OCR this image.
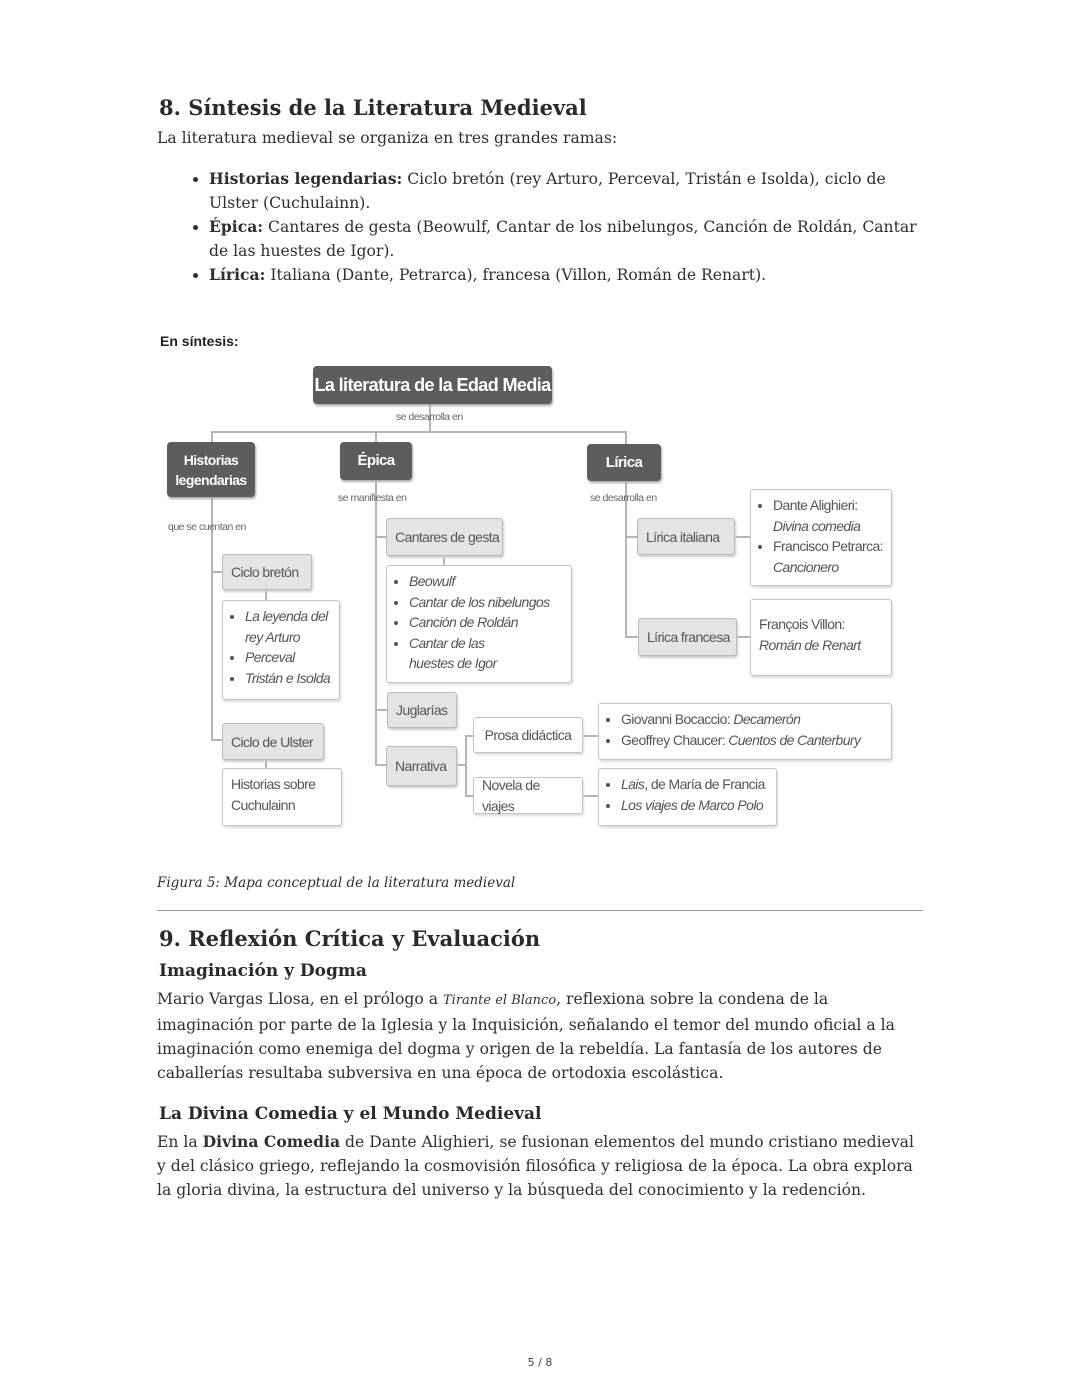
8. Síntesis de la Literatura Medieval

La literatura medieval se organiza en tres grandes ramas:

• Historias legendarias: Ciclo bretón (rey Arturo, Perceval, Tristán e Isolda), ciclo de Ulster (Cuchulainn).
• Épica: Cantares de gesta (Beowulf, Cantar de los nibelungos, Canción de Roldán, Cantar de las huestes de Igor).
• Lírica: Italiana (Dante, Petrarca), francesa (Villon, Román de Renart).
En síntesis:
La literatura de la Edad Media
se desarrolla en
Historias legendarias
que se cuentan en
Ciclo bretón
• La leyenda del rey Arturo
• Perceval
• Tristán e Isolda
Ciclo de Ulster
Historias sobre Cuchulainn
Épica
se manifiesta en
Cantares de gesta
• Beowulf
• Cantar de los nibelungos
• Canción de Roldán
• Cantar de las huestes de Igor
Juglarías
Narrativa
Prosa didáctica
Novela de viajes
• Giovanni Bocaccio: Decamerón
• Geoffrey Chaucer: Cuentos de Canterbury
• Lais, de María de Francia
• Los viajes de Marco Polo
Lírica
se desarrolla en
Lírica italiana
Lírica francesa
• Dante Alighieri:
Divina comedia
• Francisco Petrarca:
Cancionero
François Villon:
Román de Renart
Figura 5: Mapa conceptual de la literatura medieval
9. Reflexión Crítica y Evaluación
Imaginación y Dogma

Mario Vargas Llosa, en el prólogo a Tirante el Blanco, reflexiona sobre la condena de la imaginación por parte de la Iglesia y la Inquisición, señalando el temor del mundo oficial a la imaginación como enemiga del dogma y origen de la rebeldía. La fantasía de los autores de caballerías resultaba subversiva en una época de ortodoxia escolástica.

La Divina Comedia y el Mundo Medieval

En la Divina Comedia de Dante Alighieri, se fusionan elementos del mundo cristiano medieval y del clásico griego, reflejando la cosmovisión filosófica y religiosa de la época. La obra explora la gloria divina, la estructura del universo y la búsqueda del conocimiento y la redención.

5 / 8
